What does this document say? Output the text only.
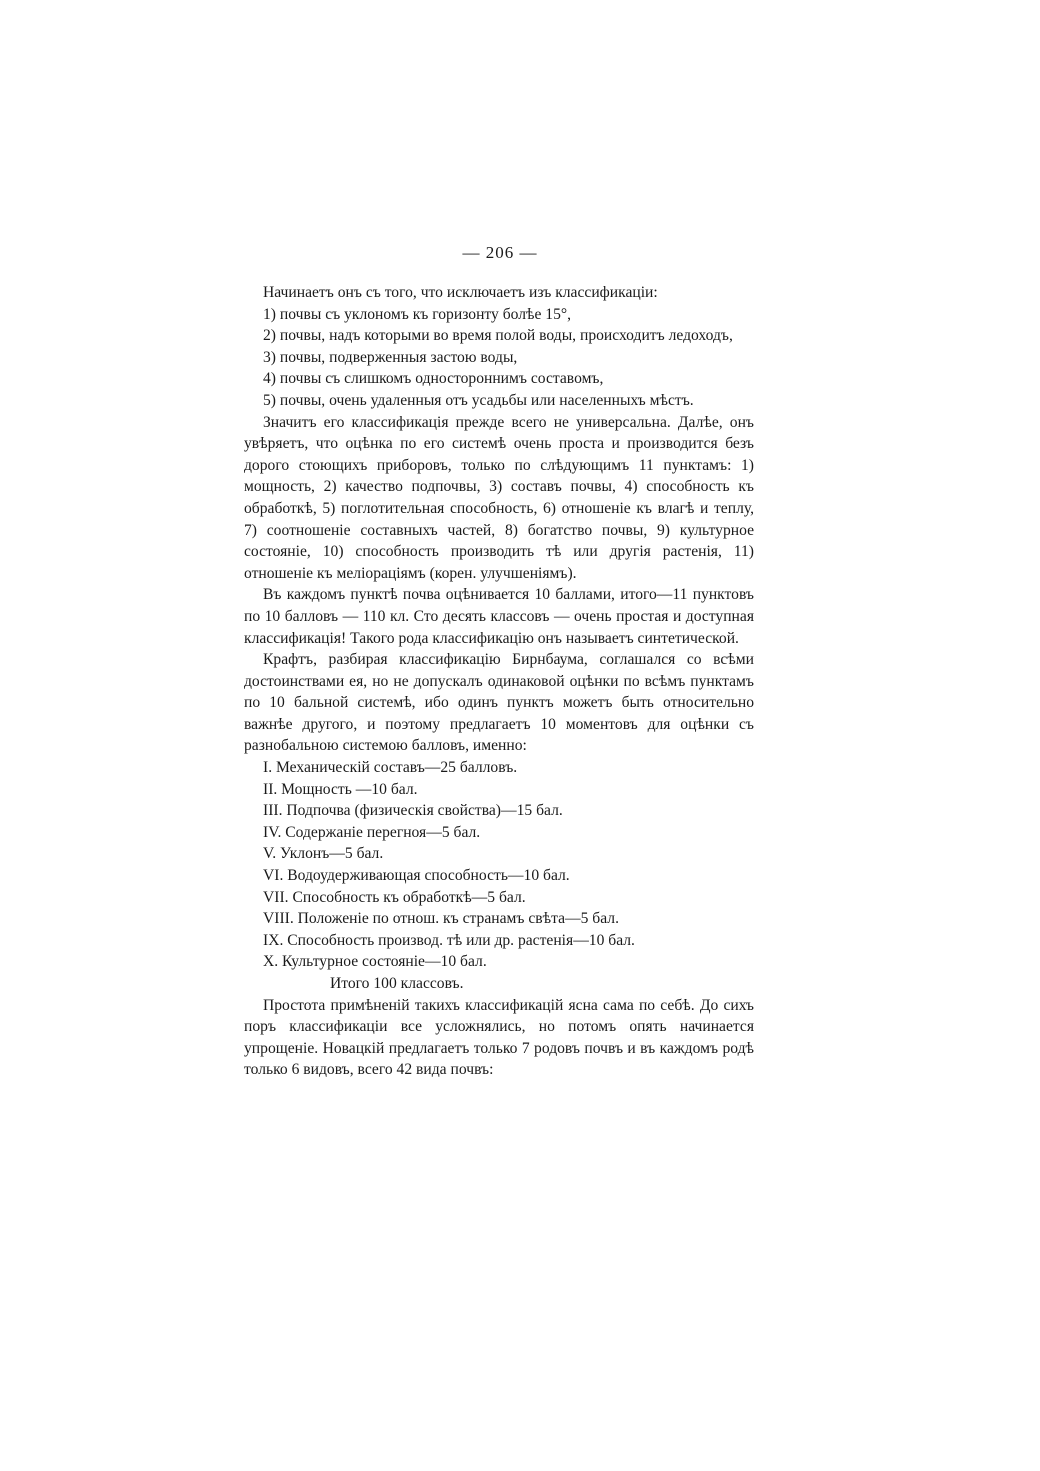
— 206 —

Начинаетъ онъ съ того, что исключаетъ изъ классификаціи:

1) почвы съ уклономъ къ горизонту болѣе 15°,
2) почвы, надъ которыми во время полой воды, происходитъ ледоходъ,
3) почвы, подверженныя застою воды,
4) почвы съ слишкомъ одностороннимъ составомъ,
5) почвы, очень удаленныя отъ усадьбы или населенныхъ мѣстъ.

Значитъ его классификація прежде всего не универсальна. Далѣе, онъ увѣряетъ, что оцѣнка по его системѣ очень проста и производится безъ дорого стоющихъ приборовъ, только по слѣдующимъ 11 пунктамъ: 1) мощность, 2) качество подпочвы, 3) составъ почвы, 4) способность къ обработкѣ, 5) поглотительная способность, 6) отношеніе къ влагѣ и теплу, 7) соотношеніе составныхъ частей, 8) богатство почвы, 9) культурное состояніе, 10) способность производить тѣ или другія растенія, 11) отношеніе къ меліораціямъ (корен. улучшеніямъ).

Въ каждомъ пунктѣ почва оцѣнивается 10 баллами, итого—11 пунктовъ по 10 балловъ — 110 кл. Сто десять классовъ — очень простая и доступная классификація! Такого рода классификацію онъ называетъ синтетической.

Крафтъ, разбирая классификацію Бирнбаума, соглашался со всѣми достоинствами ея, но не допускалъ одинаковой оцѣнки по всѣмъ пунктамъ по 10 бальной системѣ, ибо одинъ пунктъ можетъ быть относительно важнѣе другого, и поэтому предлагаетъ 10 моментовъ для оцѣнки съ разнобальною системою балловъ, именно:

I. Механическій составъ—25 балловъ.
II. Мощность —10 бал.
III. Подпочва (физическія свойства)—15 бал.
IV. Содержаніе перегноя—5 бал.
V. Уклонъ—5 бал.
VI. Водоудерживающая способность—10 бал.
VII. Способность къ обработкѣ—5 бал.
VIII. Положеніе по отнош. къ странамъ свѣта—5 бал.
IX. Способность производ. тѣ или др. растенія—10 бал.
X. Культурное состояніе—10 бал.
Итого 100 классовъ.

Простота примѣненій такихъ классификацій ясна сама по себѣ. До сихъ поръ классификаціи все усложнялись, но потомъ опять начинается упрощеніе. Новацкій предлагаетъ только 7 родовъ почвъ и въ каждомъ родѣ только 6 видовъ, всего 42 вида почвъ:
